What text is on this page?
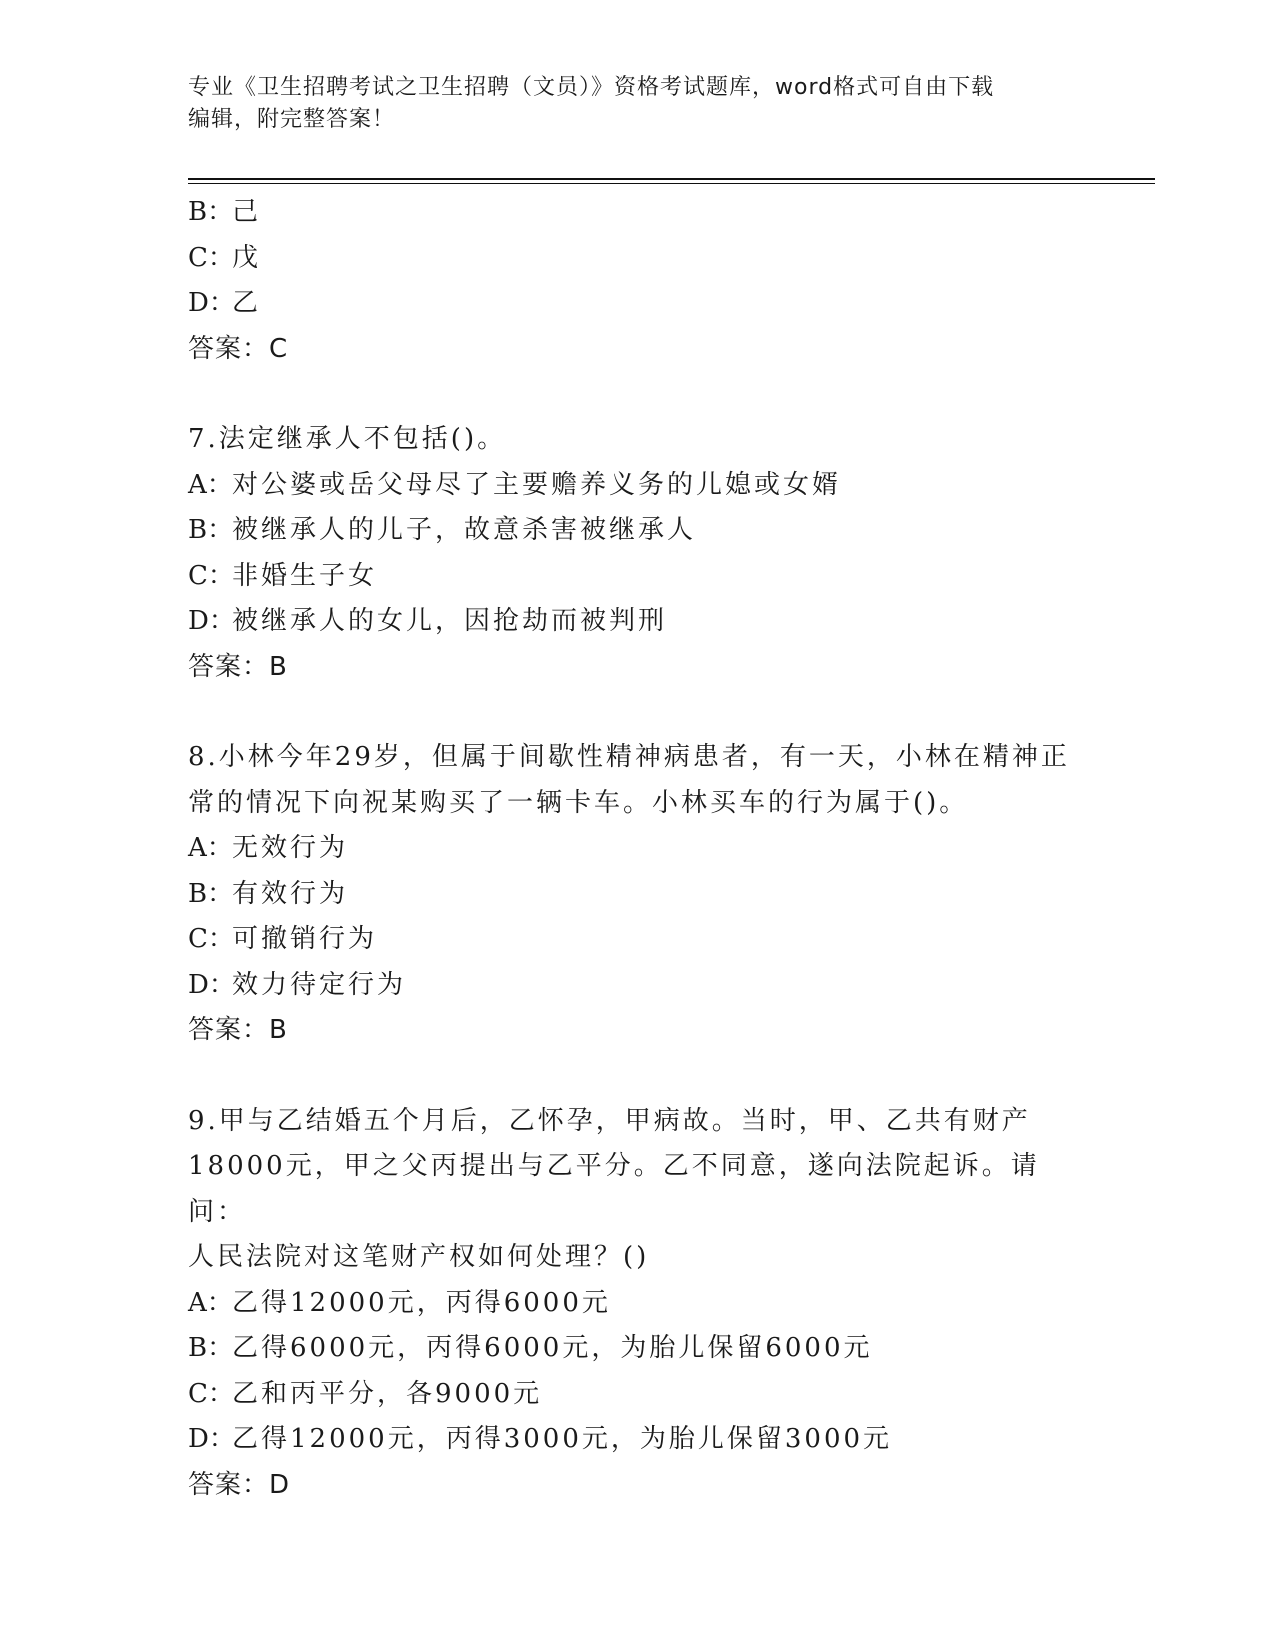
专业《卫生招聘考试之卫生招聘（文员）》资格考试题库，word格式可自由下载
编辑，附完整答案！
B：己
C：戊
D：乙
答案：C
7.法定继承人不包括()。
A：对公婆或岳父母尽了主要赡养义务的儿媳或女婿
B：被继承人的儿子，故意杀害被继承人
C：非婚生子女
D：被继承人的女儿，因抢劫而被判刑
答案：B
8.小林今年29岁，但属于间歇性精神病患者，有一天，小林在精神正
常的情况下向祝某购买了一辆卡车。小林买车的行为属于()。
A：无效行为
B：有效行为
C：可撤销行为
D：效力待定行为
答案：B
9.甲与乙结婚五个月后，乙怀孕，甲病故。当时，甲、乙共有财产
18000元，甲之父丙提出与乙平分。乙不同意，遂向法院起诉。请问：
人民法院对这笔财产权如何处理？()
A：乙得12000元，丙得6000元
B：乙得6000元，丙得6000元，为胎儿保留6000元
C：乙和丙平分，各9000元
D：乙得12000元，丙得3000元，为胎儿保留3000元
答案：D
